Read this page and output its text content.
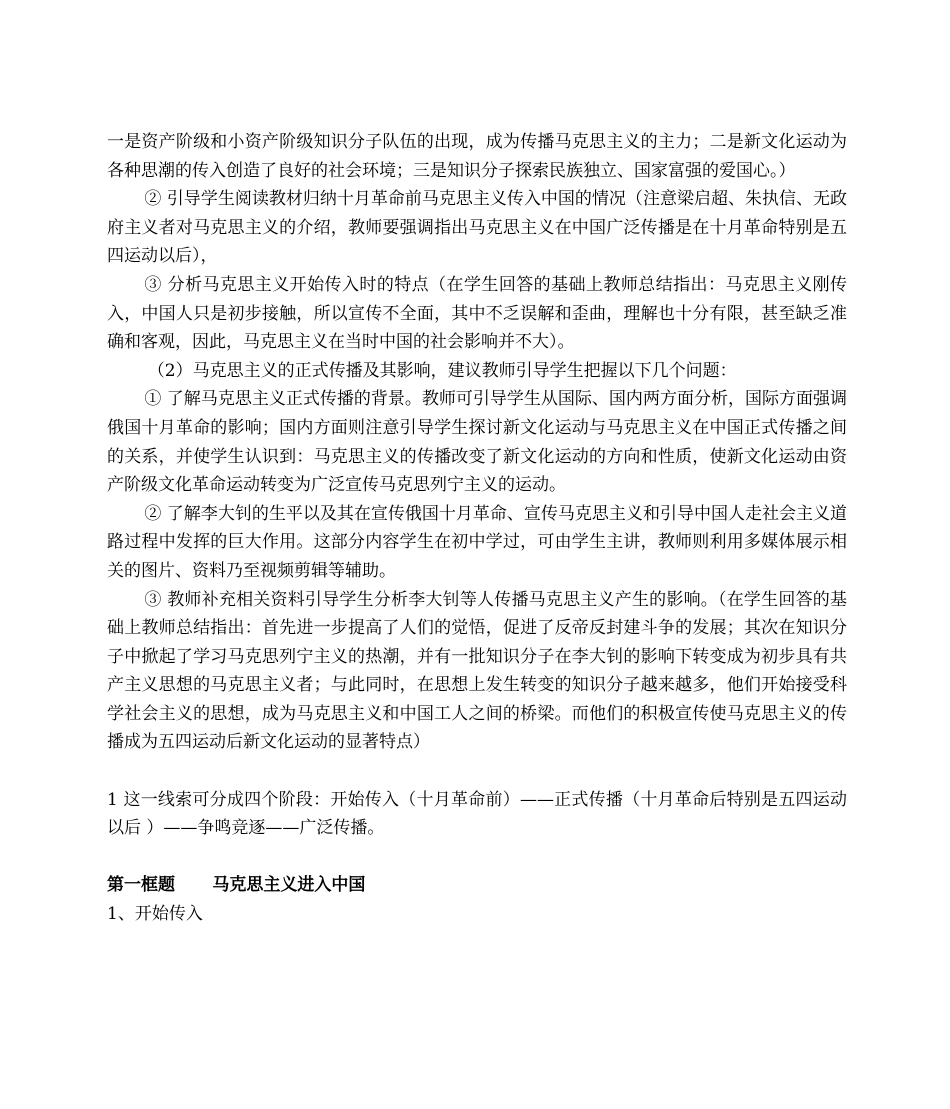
一是资产阶级和小资产阶级知识分子队伍的出现，成为传播马克思主义的主力；二是新文化运动为各种思潮的传入创造了良好的社会环境；三是知识分子探索民族独立、国家富强的爱国心。）

② 引导学生阅读教材归纳十月革命前马克思主义传入中国的情况（注意梁启超、朱执信、无政府主义者对马克思主义的介绍，教师要强调指出马克思主义在中国广泛传播是在十月革命特别是五四运动以后），

③ 分析马克思主义开始传入时的特点（在学生回答的基础上教师总结指出：马克思主义刚传入，中国人只是初步接触，所以宣传不全面，其中不乏误解和歪曲，理解也十分有限，甚至缺乏准确和客观，因此，马克思主义在当时中国的社会影响并不大）。

（2）马克思主义的正式传播及其影响，建议教师引导学生把握以下几个问题：

① 了解马克思主义正式传播的背景。教师可引导学生从国际、国内两方面分析，国际方面强调俄国十月革命的影响；国内方面则注意引导学生探讨新文化运动与马克思主义在中国正式传播之间的关系，并使学生认识到：马克思主义的传播改变了新文化运动的方向和性质，使新文化运动由资产阶级文化革命运动转变为广泛宣传马克思列宁主义的运动。

② 了解李大钊的生平以及其在宣传俄国十月革命、宣传马克思主义和引导中国人走社会主义道路过程中发挥的巨大作用。这部分内容学生在初中学过，可由学生主讲，教师则利用多媒体展示相关的图片、资料乃至视频剪辑等辅助。

③ 教师补充相关资料引导学生分析李大钊等人传播马克思主义产生的影响。（在学生回答的基础上教师总结指出：首先进一步提高了人们的觉悟，促进了反帝反封建斗争的发展；其次在知识分子中掀起了学习马克思列宁主义的热潮，并有一批知识分子在李大钊的影响下转变成为初步具有共产主义思想的马克思主义者；与此同时，在思想上发生转变的知识分子越来越多，他们开始接受科学社会主义的思想，成为马克思主义和中国工人之间的桥梁。而他们的积极宣传使马克思主义的传播成为五四运动后新文化运动的显著特点）

1 这一线索可分成四个阶段：开始传入（十月革命前）——正式传播（十月革命后特别是五四运动以后 ）——争鸣竞逐——广泛传播。

第一框题 马克思主义进入中国

1、开始传入
